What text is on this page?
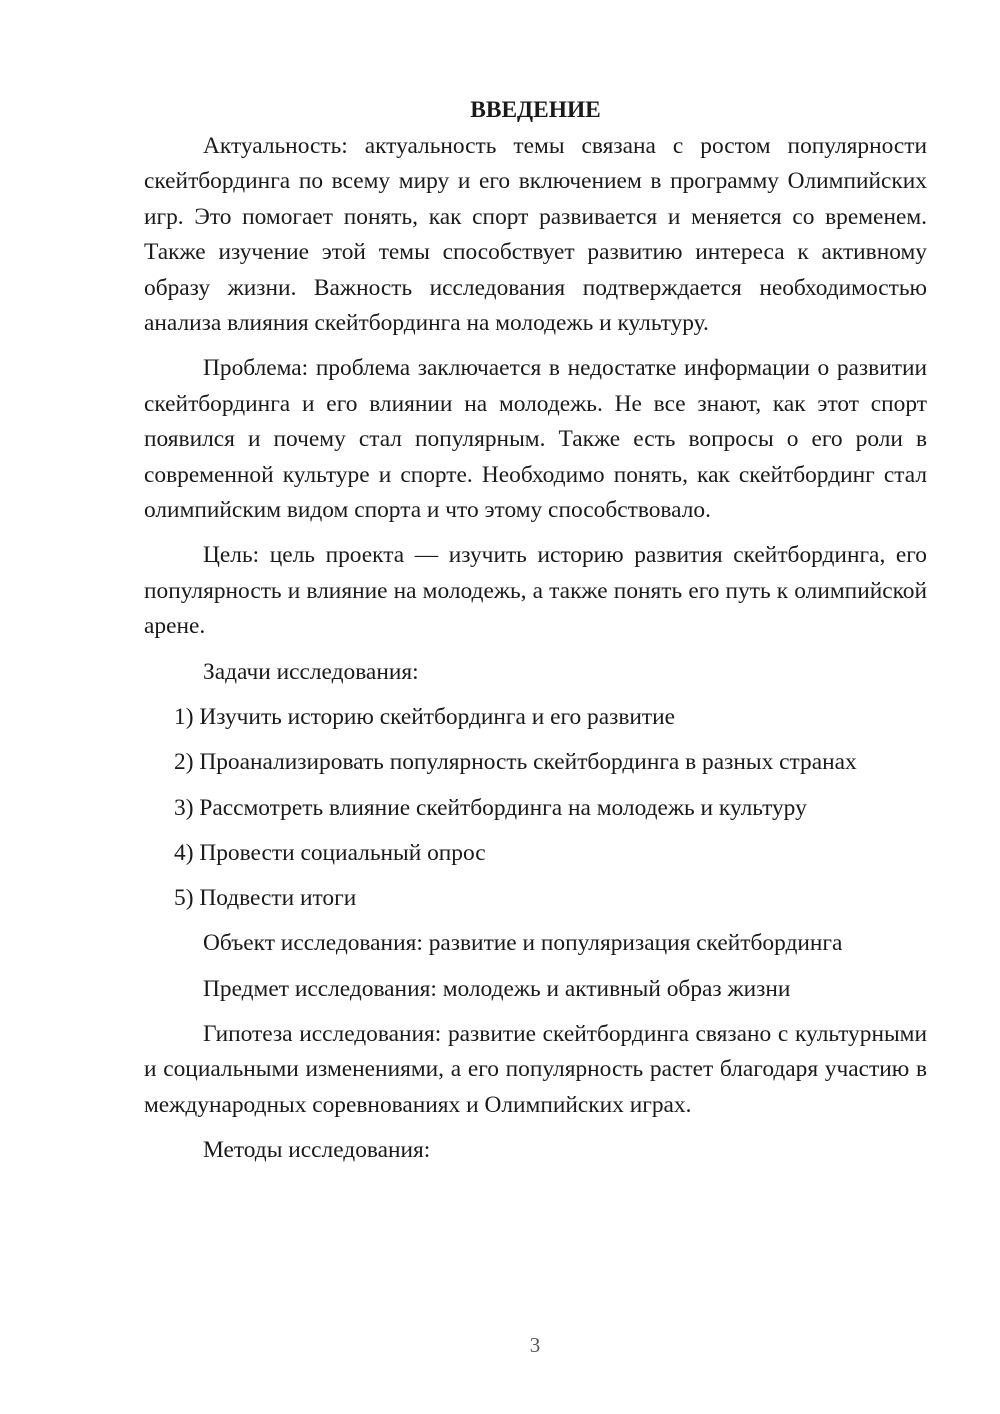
ВВЕДЕНИЕ

Актуальность: актуальность темы связана с ростом популярности скейтбординга по всему миру и его включением в программу Олимпийских игр. Это помогает понять, как спорт развивается и меняется со временем. Также изучение этой темы способствует развитию интереса к активному образу жизни. Важность исследования подтверждается необходимостью анализа влияния скейтбординга на молодежь и культуру.

Проблема: проблема заключается в недостатке информации о развитии скейтбординга и его влиянии на молодежь. Не все знают, как этот спорт появился и почему стал популярным. Также есть вопросы о его роли в современной культуре и спорте. Необходимо понять, как скейтбординг стал олимпийским видом спорта и что этому способствовало.

Цель: цель проекта — изучить историю развития скейтбординга, его популярность и влияние на молодежь, а также понять его путь к олимпийской арене.

Задачи исследования:
1) Изучить историю скейтбординга и его развитие
2) Проанализировать популярность скейтбординга в разных странах
3) Рассмотреть влияние скейтбординга на молодежь и культуру
4) Провести социальный опрос
5) Подвести итоги
Объект исследования: развитие и популяризация скейтбординга
Предмет исследования: молодежь и активный образ жизни

Гипотеза исследования: развитие скейтбординга связано с культурными и социальными изменениями, а его популярность растет благодаря участию в международных соревнованиях и Олимпийских играх.

Методы исследования:
3
